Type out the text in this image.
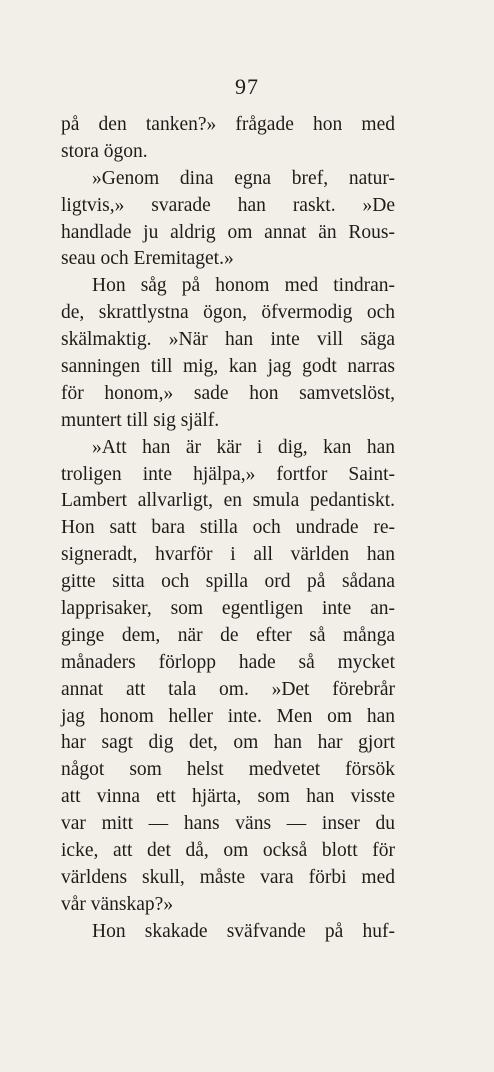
97
på den tanken?» frågade hon med
stora ögon.
»Genom dina egna bref, natur-
ligtvis,» svarade han raskt. »De
handlade ju aldrig om annat än Rous-
seau och Eremitaget.»
Hon såg på honom med tindran-
de, skrattlystna ögon, öfvermodig och
skälmaktig. »När han inte vill säga
sanningen till mig, kan jag godt narras
för honom,» sade hon samvetslöst,
muntert till sig själf.
»Att han är kär i dig, kan han
troligen inte hjälpa,» fortfor Saint-
Lambert allvarligt, en smula pedantiskt.
Hon satt bara stilla och undrade re-
signeradt, hvarför i all världen han
gitte sitta och spilla ord på sådana
lapprisaker, som egentligen inte an-
ginge dem, när de efter så många
månaders förlopp hade så mycket
annat att tala om. »Det förebrår
jag honom heller inte. Men om han
har sagt dig det, om han har gjort
något som helst medvetet försök
att vinna ett hjärta, som han visste
var mitt — hans väns — inser du
icke, att det då, om också blott för
världens skull, måste vara förbi med
vår vänskap?»
Hon skakade sväfvande på huf-
